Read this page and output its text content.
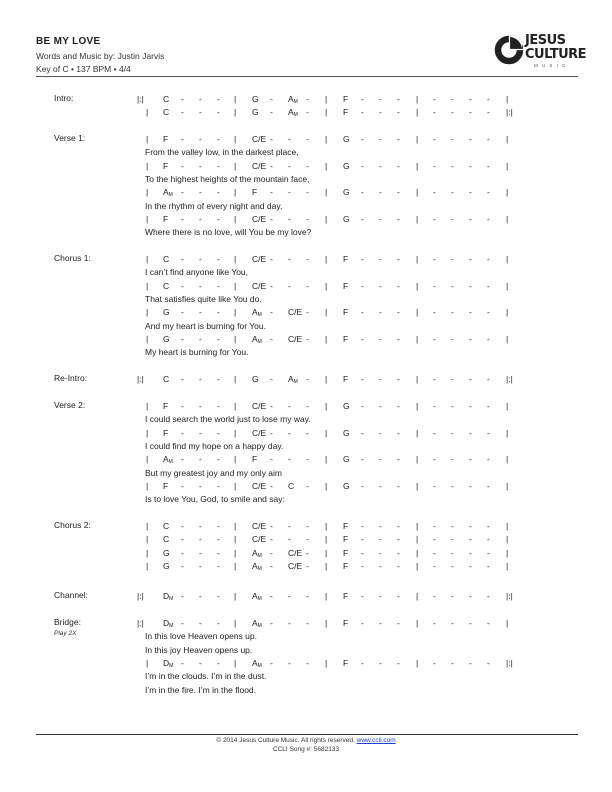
BE MY LOVE
Words and Music by: Justin Jarvis
Key of C • 137 BPM • 4/4
JESUS
CULTURE
MUSIC
Intro:	|:|	|	|	|
C - - -	G - $A_M$ -	F - - -	- - - - |
|	|	|	|
C - - -	G - $A_M$ -	F - - -	- - - - |:|
Verse 1:	|	|	|	|
F - - -	C/E - - -	G - - -	- - - - |
From the valley low, in the darkest place,
|	|	|	|
F - - -	C/E - - -	G - - -	- - - - |
To the highest heights of the mountain face,
|	|	|	|
$A_M$ - - -	F - - -	G - - -	- - - - |
In the rhythm of every night and day,
|	|	|	|
F - - -	C/E - - -	G - - -	- - - - |
Where there is no love, will You be my love?
Chorus 1:	|	|	|	|
C - - -	C/E - - -	F - - -	- - - - |
I can’t find anyone like You,
|	|	|	|
C - - -	C/E - - -	F - - -	- - - - |
That satisfies quite like You do.
|	|	|	|
G - - -	$A_M - C/E$ -	F - - -	- - - - |
And my heart is burning for You.
|	|	|	|
G - - -	$A_M - C/E$ -	F - - -	- - - - |
My heart is burning for You.
Re-Intro:	|:|	|	|	|
C - - -	G - $A_M$ -	F - - -	- - - - |:|
Verse 2:	|	|	|	|
F - - -	C/E - - -	G - - -	- - - - |
I could search the world just to lose my way.
|	|	|	|
F - - -	C/E - - -	G - - -	- - - - |
I could find my hope on a happy day.
|	|	|	|
$A_M$ - - -	F - - -	G - - -	- - - - |
But my greatest joy and my only aim
|	|	|	|
F - - -	C/E - C -	G - - -	- - - - |
Is to love You, God, to smile and say:
Chorus 2:	|	|	|	|
C - - -	C/E - - -	F - - -	- - - - |
|	|	|	|
C - - -	C/E - - -	F - - -	- - - - |
|	|	|	|
G - - -	$A_M - C/E$ -	F - - -	- - - - |
|	|	|	|
G - - -	$A_M - C/E$ -	F - - -	- - - - |
Channel:	|:|	|	|	|
$D_M$ - - -	$A_M$ - - -	F - - -	- - - - |:|
Bridge:
Play 2X
|:|	|	|	|
$D_M$ - - -	$A_M$ - - -	F - - -	- - - - |
In this love Heaven opens up.
In this joy Heaven opens up.
|	|	|	|
$D_M$ - - -	$A_M$ - - -	F - - -	- - - - |:|
I’m in the clouds. I’m in the dust.
I’m in the fire. I’m in the flood.
© 2014 Jesus Culture Music. All rights reserved. www.ccli.com
CCLI Song #: 5682133
